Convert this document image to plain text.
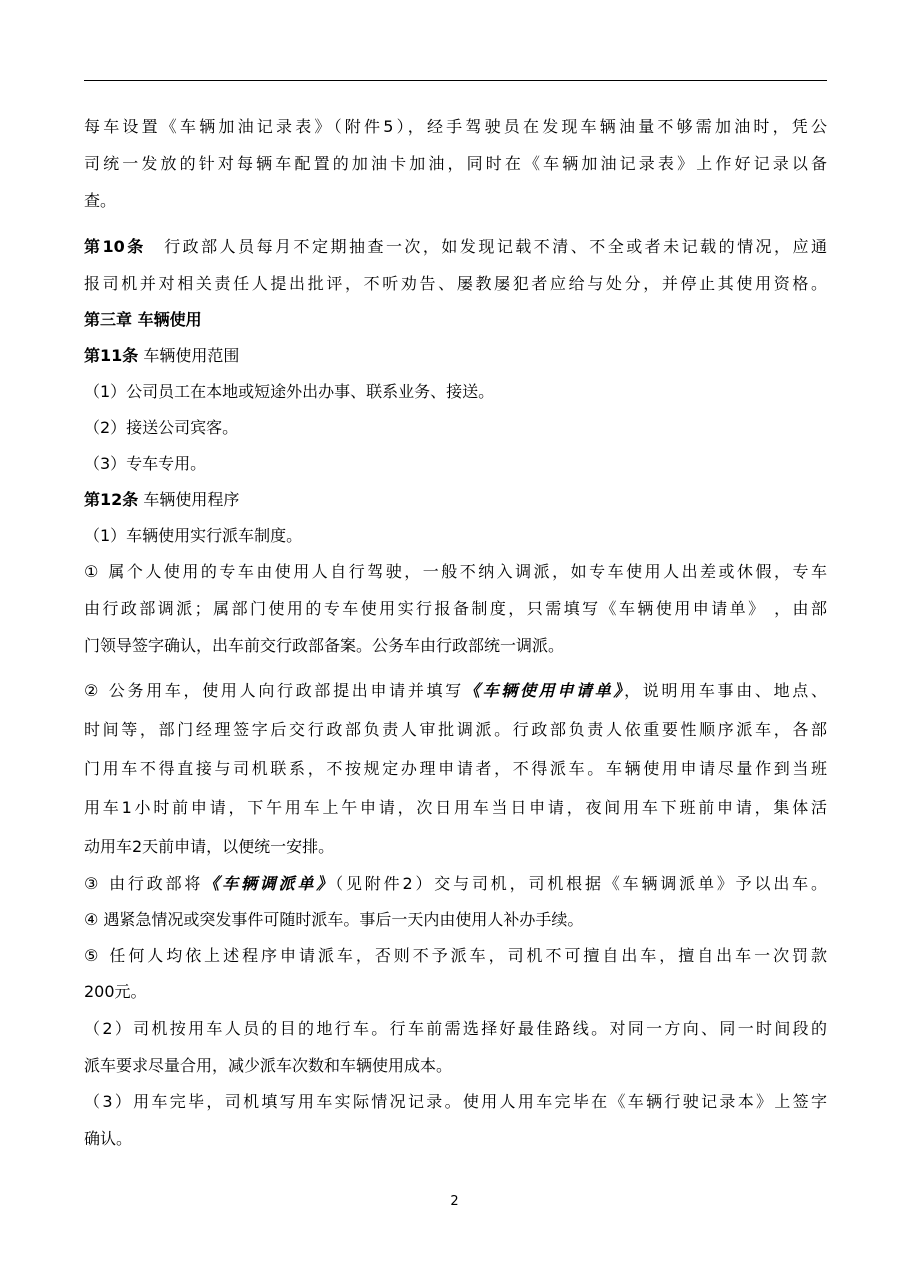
每车设置《车辆加油记录表》（附件5），经手驾驶员在发现车辆油量不够需加油时，凭公
司统一发放的针对每辆车配置的加油卡加油，同时在《车辆加油记录表》上作好记录以备
查。
第10条　行政部人员每月不定期抽查一次，如发现记载不清、不全或者未记载的情况，应通
报司机并对相关责任人提出批评，不听劝告、屡教屡犯者应给与处分，并停止其使用资格。
第三章 车辆使用
第11条 车辆使用范围
（1）公司员工在本地或短途外出办事、联系业务、接送。
（2）接送公司宾客。
（3）专车专用。
第12条 车辆使用程序
（1）车辆使用实行派车制度。
① 属个人使用的专车由使用人自行驾驶，一般不纳入调派，如专车使用人出差或休假，专车
由行政部调派；属部门使用的专车使用实行报备制度，只需填写《车辆使用申请单》 ，由部
门领导签字确认，出车前交行政部备案。公务车由行政部统一调派。
② 公务用车，使用人向行政部提出申请并填写《车辆使用申请单》，说明用车事由、地点、
时间等，部门经理签字后交行政部负责人审批调派。行政部负责人依重要性顺序派车，各部
门用车不得直接与司机联系，不按规定办理申请者，不得派车。车辆使用申请尽量作到当班
用车1小时前申请，下午用车上午申请，次日用车当日申请，夜间用车下班前申请，集体活
动用车2天前申请，以便统一安排。
③ 由行政部将《车辆调派单》（见附件2）交与司机，司机根据《车辆调派单》予以出车。
④ 遇紧急情况或突发事件可随时派车。事后一天内由使用人补办手续。
⑤ 任何人均依上述程序申请派车，否则不予派车，司机不可擅自出车，擅自出车一次罚款
200元。
（2）司机按用车人员的目的地行车。行车前需选择好最佳路线。对同一方向、同一时间段的
派车要求尽量合用，减少派车次数和车辆使用成本。
（3）用车完毕，司机填写用车实际情况记录。使用人用车完毕在《车辆行驶记录本》上签字
确认。
2
